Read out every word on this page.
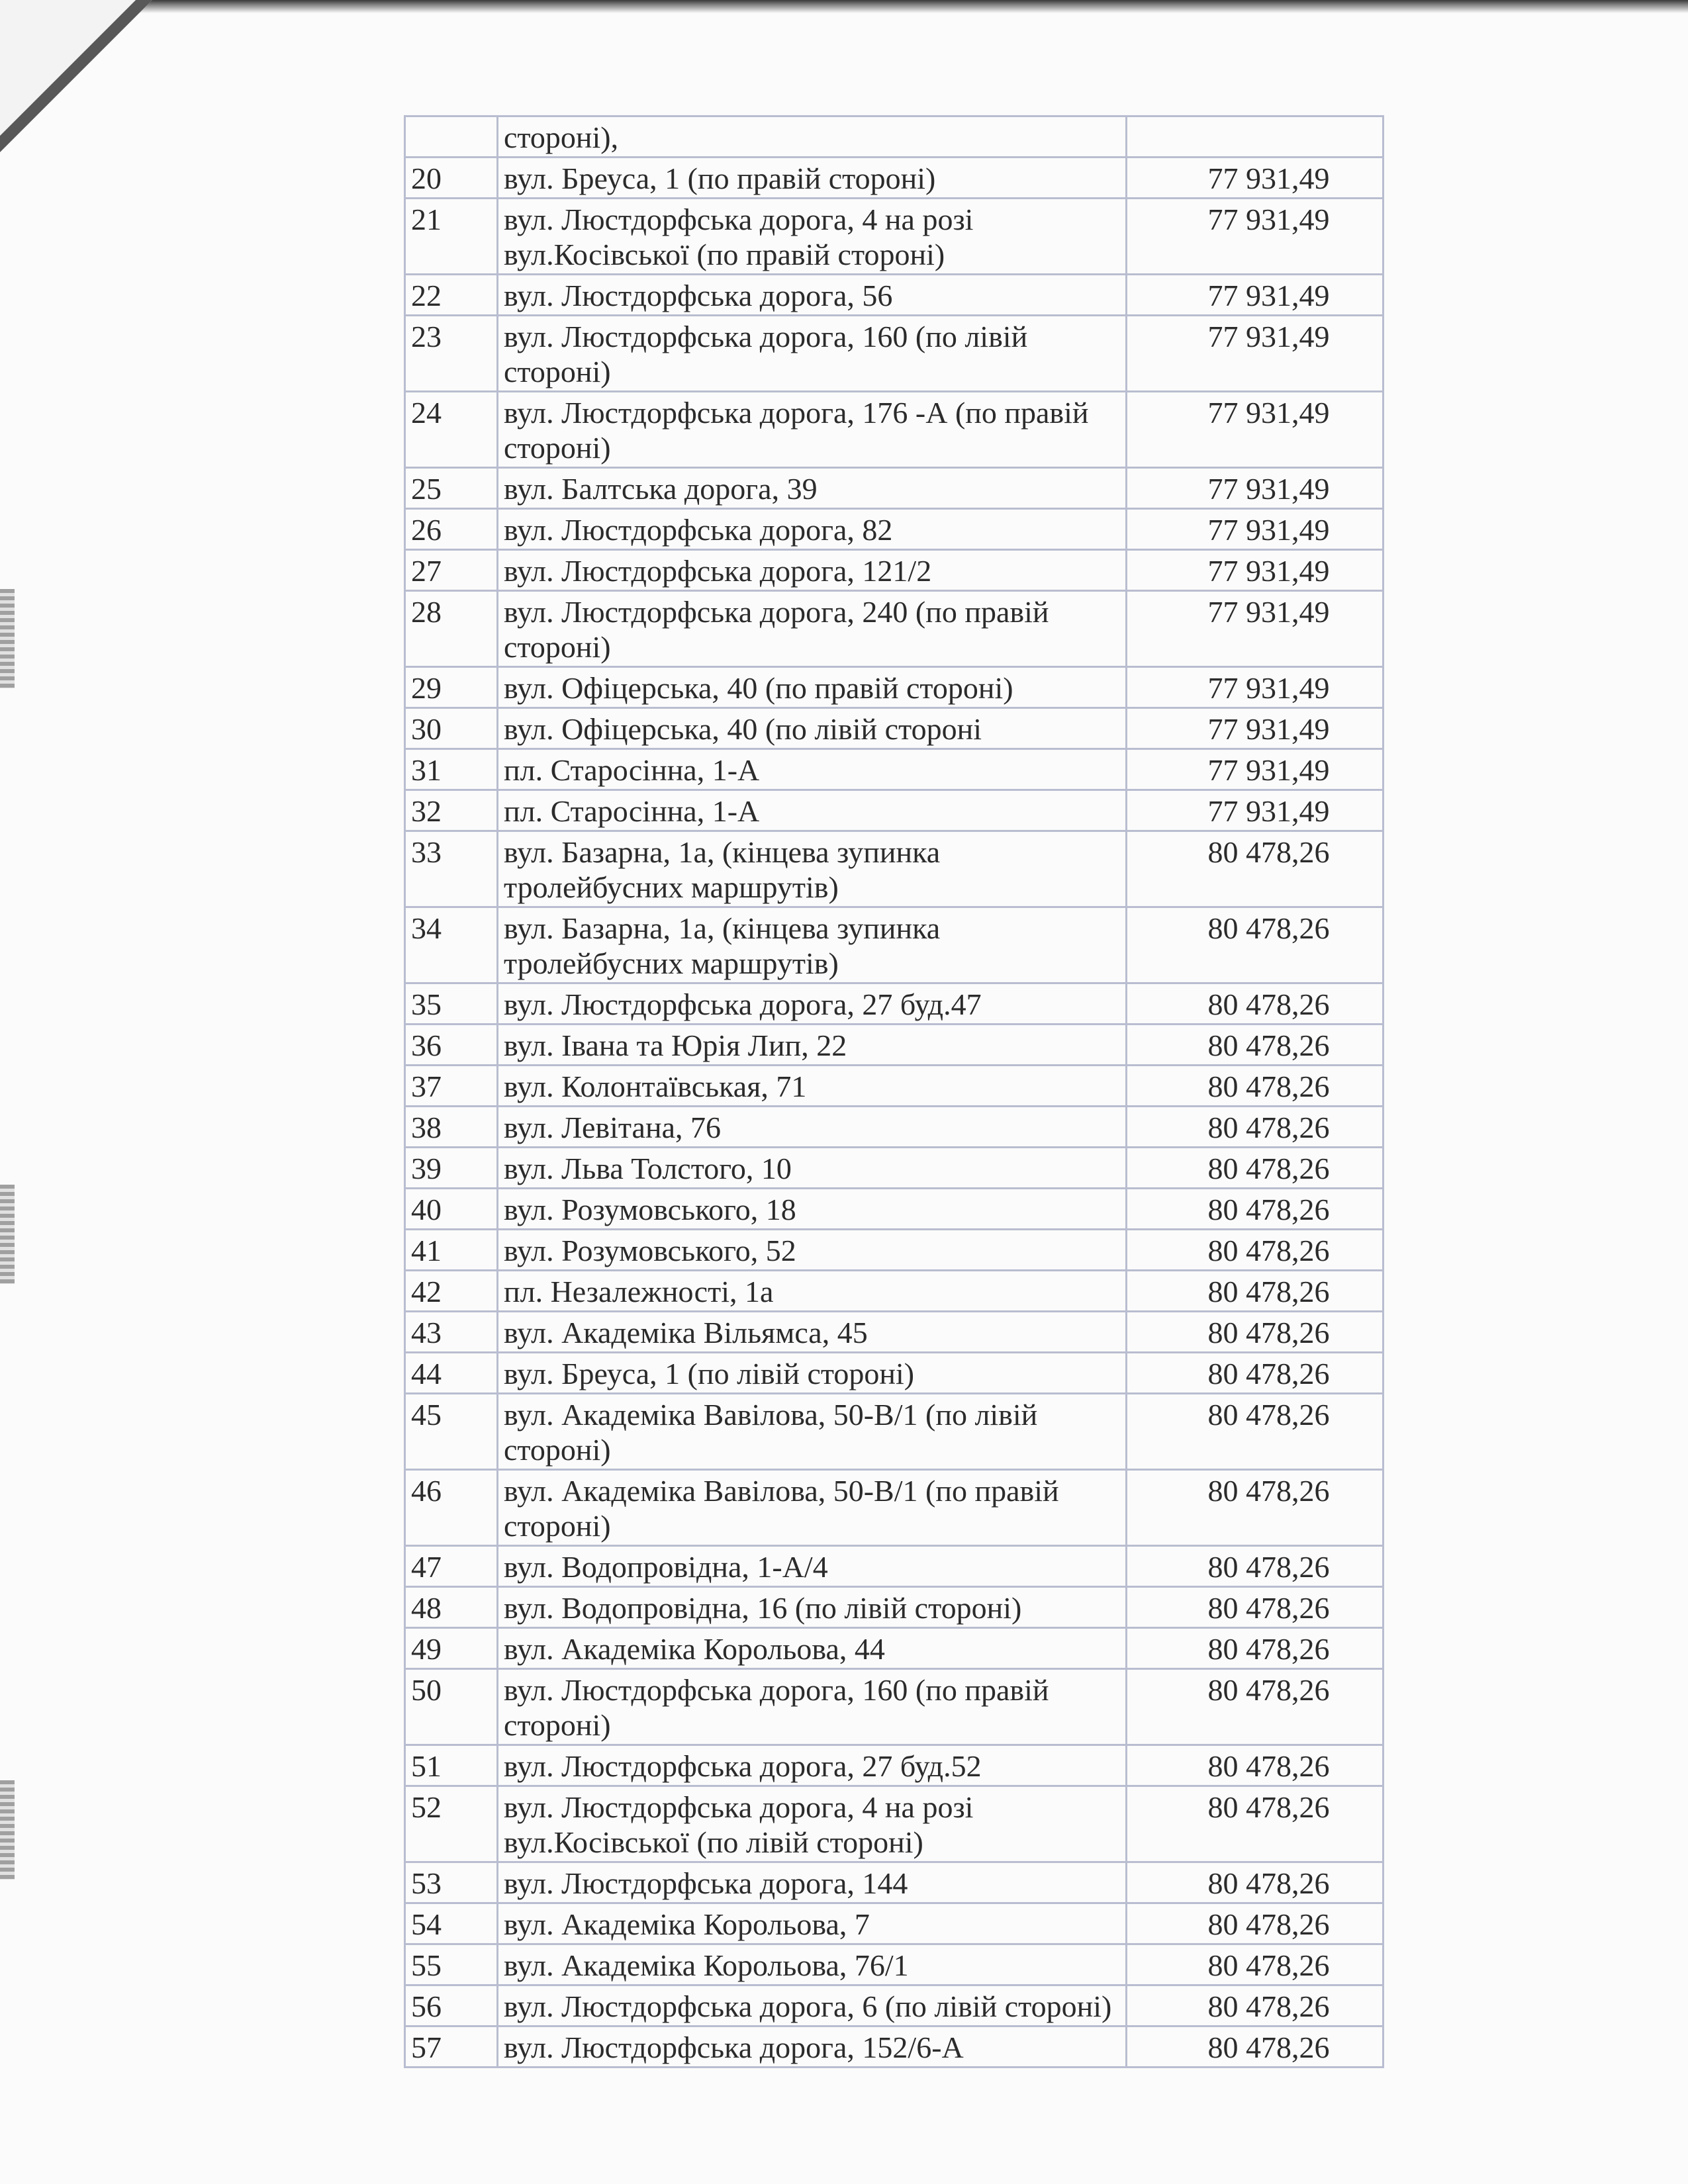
	стороні),	
20	вул. Бреуса, 1 (по правій стороні)	77 931,49
21	вул. Люстдорфська дорога, 4 на розі вул.Косівської (по правій стороні)	77 931,49
22	вул. Люстдорфська дорога, 56	77 931,49
23	вул. Люстдорфська дорога, 160 (по лівій стороні)	77 931,49
24	вул. Люстдорфська дорога, 176 -А (по правій стороні)	77 931,49
25	вул. Балтська дорога, 39	77 931,49
26	вул. Люстдорфська дорога, 82	77 931,49
27	вул. Люстдорфська дорога, 121/2	77 931,49
28	вул. Люстдорфська дорога, 240 (по правій стороні)	77 931,49
29	вул. Офіцерська, 40 (по правій стороні)	77 931,49
30	вул. Офіцерська, 40 (по лівій стороні	77 931,49
31	пл. Старосінна, 1-А	77 931,49
32	пл. Старосінна, 1-А	77 931,49
33	вул. Базарна, 1а, (кінцева зупинка тролейбусних маршрутів)	80 478,26
34	вул. Базарна, 1а, (кінцева зупинка тролейбусних маршрутів)	80 478,26
35	вул. Люстдорфська дорога, 27 буд.47	80 478,26
36	вул. Івана та Юрія Лип, 22	80 478,26
37	вул. Колонтаївськая, 71	80 478,26
38	вул. Левітана, 76	80 478,26
39	вул. Льва Толстого, 10	80 478,26
40	вул. Розумовського, 18	80 478,26
41	вул. Розумовського, 52	80 478,26
42	пл. Незалежності, 1а	80 478,26
43	вул. Академіка Вільямса, 45	80 478,26
44	вул. Бреуса, 1 (по лівій стороні)	80 478,26
45	вул. Академіка Вавілова, 50-В/1 (по лівій стороні)	80 478,26
46	вул. Академіка Вавілова, 50-В/1 (по правій стороні)	80 478,26
47	вул. Водопровідна, 1-А/4	80 478,26
48	вул. Водопровідна, 16 (по лівій стороні)	80 478,26
49	вул. Академіка Корольова, 44	80 478,26
50	вул. Люстдорфська дорога, 160 (по правій стороні)	80 478,26
51	вул. Люстдорфська дорога, 27 буд.52	80 478,26
52	вул. Люстдорфська дорога, 4 на розі вул.Косівської (по лівій стороні)	80 478,26
53	вул. Люстдорфська дорога, 144	80 478,26
54	вул. Академіка Корольова, 7	80 478,26
55	вул. Академіка Корольова, 76/1	80 478,26
56	вул. Люстдорфська дорога, 6 (по лівій стороні)	80 478,26
57	вул. Люстдорфська дорога, 152/6-А	80 478,26
